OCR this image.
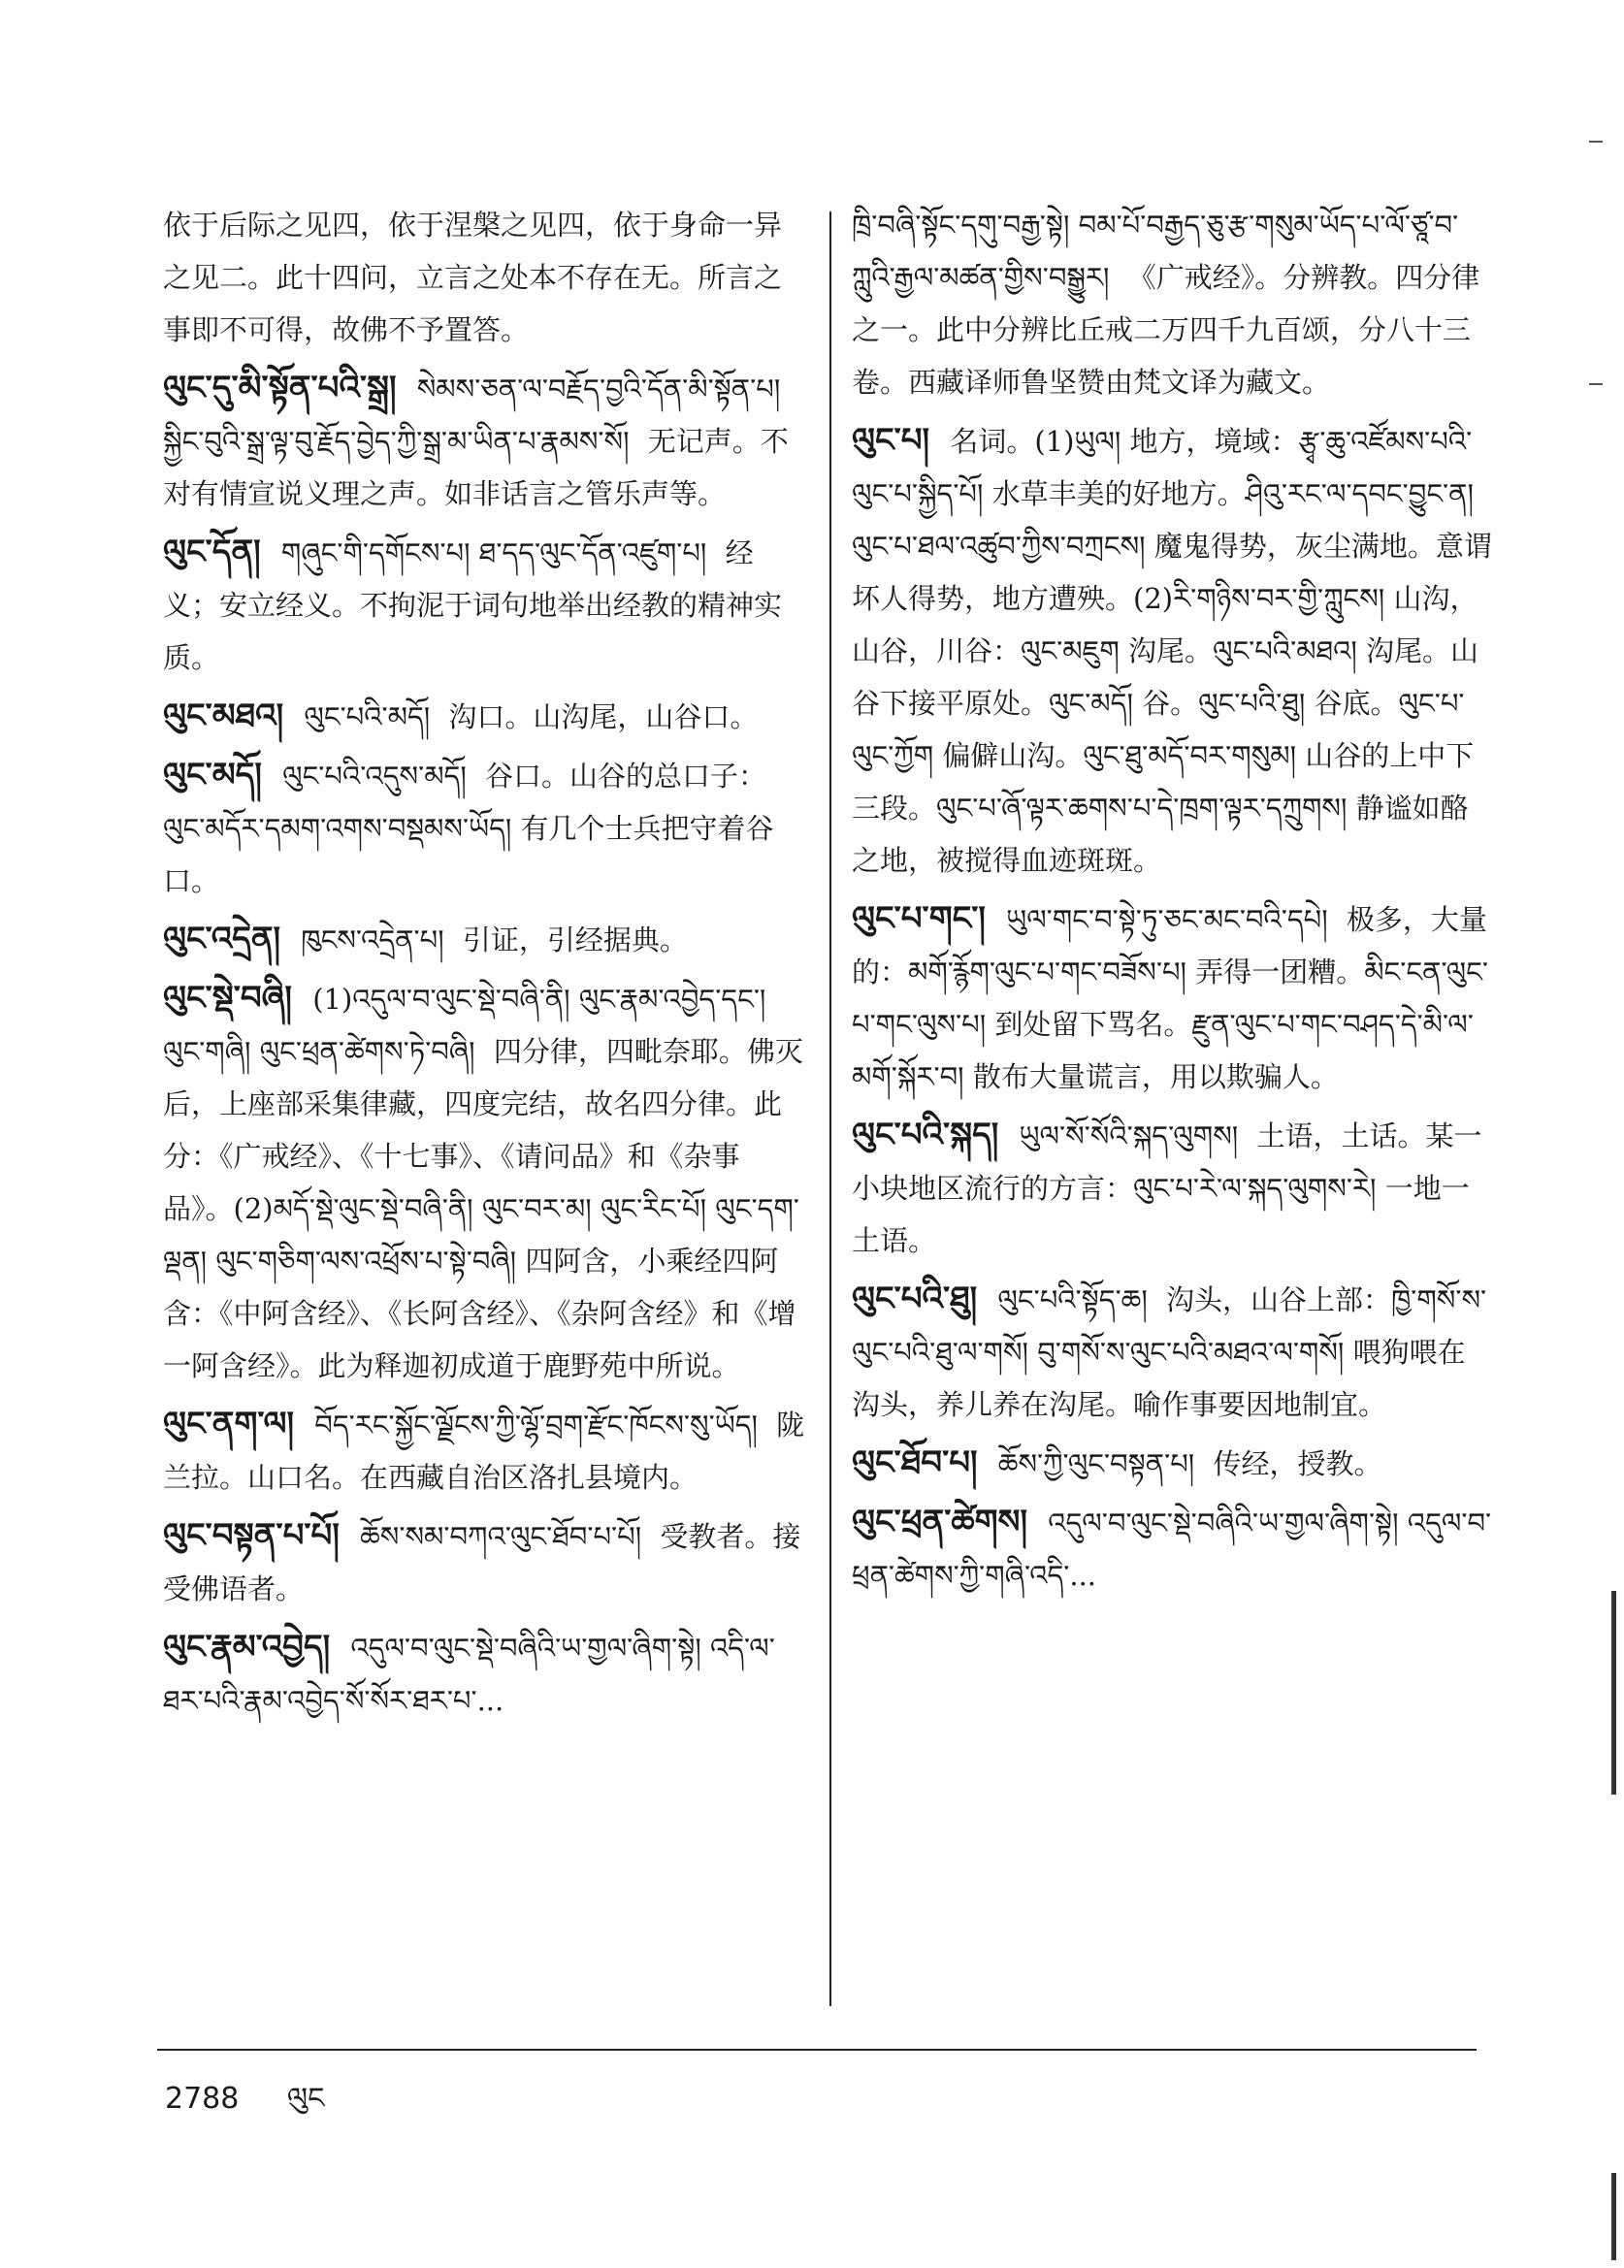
依于后际之见四，依于涅槃之见四，依于身命一异之见二。此十四问，立言之处本不存在无。所言之事即不可得，故佛不予置答。
ལུང་དུ་མི་སྟོན་པའི་སྒྲ། སེམས་ཅན་ལ་བརྗོད་བྱའི་དོན་མི་སྟོན་པ། སྐྱིང་བུའི་སྒྲ་ལྟ་བུ་རྗོད་བྱེད་ཀྱི་སྒྲ་མ་ཡིན་པ་རྣམས་སོ། 无记声。不对有情宣说义理之声。如非话言之管乐声等。
ལུང་དོན། གཞུང་གི་དགོངས་པ། ཐ་དད་ལུང་དོན་འཛུག་པ། 经义；安立经义。不拘泥于词句地举出经教的精神实质。
ལུང་མཐའ། ལུང་པའི་མདོ། 沟口。山沟尾，山谷口。
ལུང་མདོ། ལུང་པའི་འདུས་མདོ། 谷口。山谷的总口子：ལུང་མདོར་དམག་འགས་བསྡམས་ཡོད། 有几个士兵把守着谷口。
ལུང་འདྲེན། ཁུངས་འདྲེན་པ། 引证，引经据典。
ལུང་སྡེ་བཞི། (1)འདུལ་བ་ལུང་སྡེ་བཞི་ནི། ལུང་རྣམ་འབྱེད་དང་། ལུང་གཞི། ལུང་ཕྲན་ཚེགས་ཏེ་བཞི། 四分律，四毗奈耶。佛灭后，上座部采集律藏，四度完结，故名四分律。此分：《广戒经》、《十七事》、《请问品》和《杂事品》。(2)མདོ་སྡེ་ལུང་སྡེ་བཞི་ནི། ལུང་བར་མ། ལུང་རིང་པོ། ལུང་དག་ལྡན། ལུང་གཅིག་ལས་འཕྲོས་པ་སྟེ་བཞི། 四阿含，小乘经四阿含：《中阿含经》、《长阿含经》、《杂阿含经》和《增一阿含经》。此为释迦初成道于鹿野苑中所说。
ལུང་ནག་ལ། བོད་རང་སྐྱོང་ལྗོངས་ཀྱི་ལྷོ་བྲག་རྫོང་ཁོངས་སུ་ཡོད། 陇兰拉。山口名。在西藏自治区洛扎县境内。
ལུང་བསྟན་པ་པོ། ཆོས་སམ་བཀའ་ལུང་ཐོབ་པ་པོ། 受教者。接受佛语者。
ལུང་རྣམ་འབྱེད། འདུལ་བ་ལུང་སྡེ་བཞིའི་ཡ་གྱལ་ཞིག་སྟེ། འདི་ལ་ཐར་པའི་རྣམ་འབྱེད་སོ་སོར་ཐར་པ་...
ཁྲི་བཞི་སྟོང་དགུ་བརྒྱ་སྟེ། བམ་པོ་བརྒྱད་ཅུ་རྩ་གསུམ་ཡོད་པ་ལོ་ཙཱ་བ་ཀླུའི་རྒྱལ་མཚན་གྱིས་བསྒྱུར། 《广戒经》。分辨教。四分律之一。此中分辨比丘戒二万四千九百颂，分八十三卷。西藏译师鲁坚赞由梵文译为藏文。
ལུང་པ། 名词。(1)ཡུལ། 地方，境域：རྩྭ་ཆུ་འཛོམས་པའི་ལུང་པ་སྐྱིད་པོ། 水草丰美的好地方。ཤིའུ་རང་ལ་དབང་བྱུང་ན། ལུང་པ་ཐལ་འཚུབ་ཀྱིས་བཀྲངས། 魔鬼得势，灰尘满地。意谓坏人得势，地方遭殃。(2)རི་གཉིས་བར་གྱི་ཀླུངས། 山沟，山谷，川谷：ལུང་མཇུག 沟尾。ལུང་པའི་མཐའ། 沟尾。山谷下接平原处。ལུང་མདོ། 谷。ལུང་པའི་ཐུ། 谷底。ལུང་པ་ལུང་ཀྱོག 偏僻山沟。ལུང་ཐུ་མདོ་བར་གསུམ། 山谷的上中下三段。ལུང་པ་ཞོ་ལྟར་ཆགས་པ་དེ་ཁྲག་ལྟར་དཀྲུགས། 静谧如酪之地，被搅得血迹斑斑。
ལུང་པ་གང་། ཡུལ་གང་བ་སྟེ་ཏུ་ཅང་མང་བའི་དཔེ། 极多，大量的：མགོ་རྙོག་ལུང་པ་གང་བཟོས་པ། 弄得一团糟。མིང་ངན་ལུང་པ་གང་ལུས་པ། 到处留下骂名。རྫུན་ལུང་པ་གང་བཤད་དེ་མི་ལ་མགོ་སྐོར་བ། 散布大量谎言，用以欺骗人。
ལུང་པའི་སྐད། ཡུལ་སོ་སོའི་སྐད་ལུགས། 土语，土话。某一小块地区流行的方言：ལུང་པ་རེ་ལ་སྐད་ལུགས་རེ། 一地一土语。
ལུང་པའི་ཐུ། ལུང་པའི་སྟོད་ཆ། 沟头，山谷上部：ཁྱི་གསོ་ས་ལུང་པའི་ཐུ་ལ་གསོ། བུ་གསོ་ས་ལུང་པའི་མཐའ་ལ་གསོ། 喂狗喂在沟头，养儿养在沟尾。喻作事要因地制宜。
ལུང་ཐོབ་པ། ཆོས་ཀྱི་ལུང་བསྟན་པ། 传经，授教。
ལུང་ཕྲན་ཚེགས། འདུལ་བ་ལུང་སྡེ་བཞིའི་ཡ་གྱལ་ཞིག་སྟེ། འདུལ་བ་ཕྲན་ཚེགས་ཀྱི་གཞི་འདི་...
2788 ལུང
